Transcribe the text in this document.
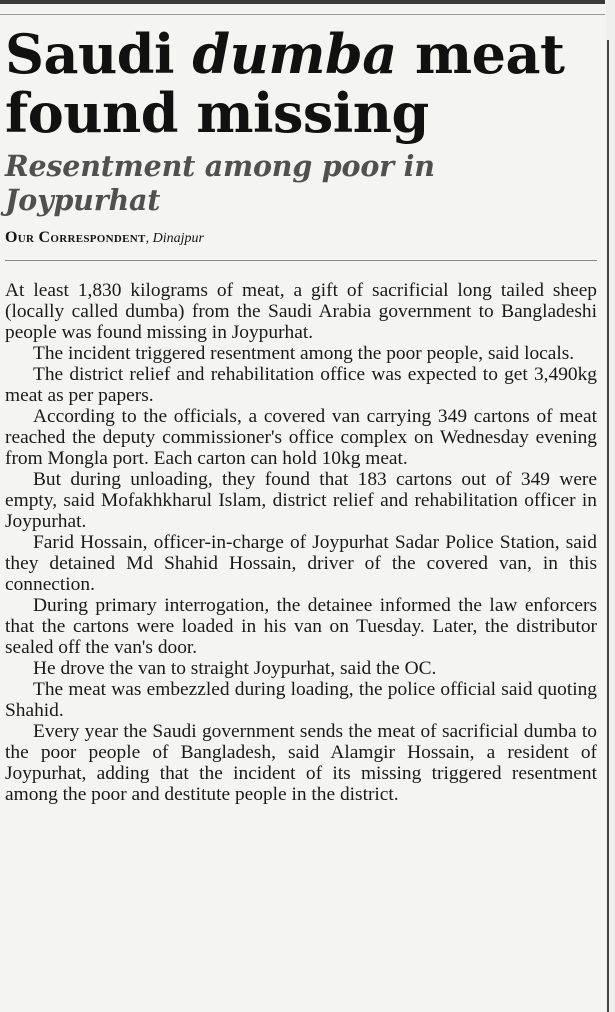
Saudi dumba meat found missing
Resentment among poor in Joypurhat
Our Correspondent, Dinajpur

At least 1,830 kilograms of meat, a gift of sacrificial long tailed sheep (locally called dumba) from the Saudi Arabia government to Bangladeshi people was found missing in Joypurhat.

The incident triggered resentment among the poor people, said locals.

The district relief and rehabilitation office was expected to get 3,490kg meat as per papers.

According to the officials, a covered van carrying 349 cartons of meat reached the deputy commissioner's office complex on Wednesday evening from Mongla port. Each carton can hold 10kg meat.

But during unloading, they found that 183 cartons out of 349 were empty, said Mofakhkharul Islam, district relief and rehabilitation officer in Joypurhat.

Farid Hossain, officer-in-charge of Joypurhat Sadar Police Station, said they detained Md Shahid Hossain, driver of the covered van, in this connection.

During primary interrogation, the detainee informed the law enforcers that the cartons were loaded in his van on Tuesday. Later, the distributor sealed off the van's door.

He drove the van to straight Joypurhat, said the OC.

The meat was embezzled during loading, the police official said quoting Shahid.

Every year the Saudi government sends the meat of sacrificial dumba to the poor people of Bangladesh, said Alamgir Hossain, a resident of Joypurhat, adding that the incident of its missing triggered resentment among the poor and destitute people in the district.
